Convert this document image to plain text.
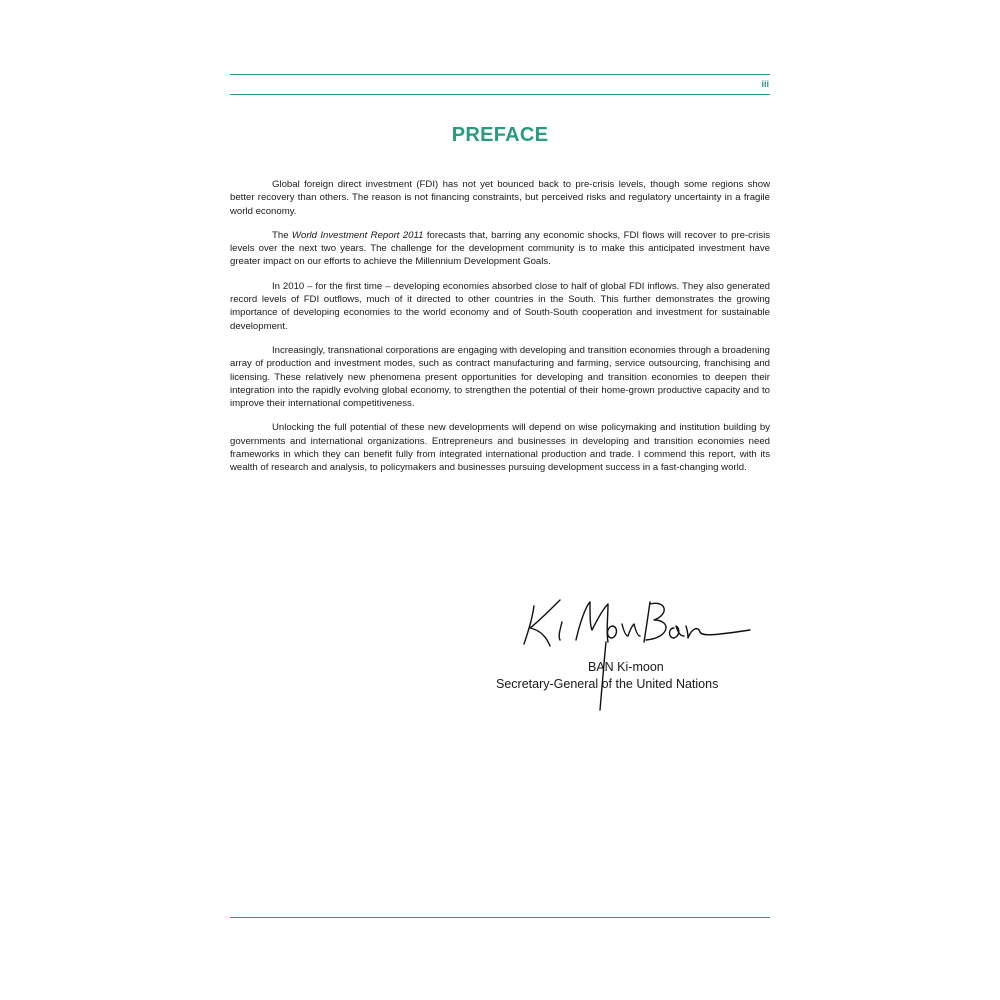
iii
PREFACE

Global foreign direct investment (FDI) has not yet bounced back to pre-crisis levels, though some regions show better recovery than others. The reason is not financing constraints, but perceived risks and regulatory uncertainty in a fragile world economy.

The World Investment Report 2011 forecasts that, barring any economic shocks, FDI flows will recover to pre-crisis levels over the next two years. The challenge for the development community is to make this anticipated investment have greater impact on our efforts to achieve the Millennium Development Goals.

In 2010 – for the first time – developing economies absorbed close to half of global FDI inflows. They also generated record levels of FDI outflows, much of it directed to other countries in the South. This further demonstrates the growing importance of developing economies to the world economy and of South-South cooperation and investment for sustainable development.

Increasingly, transnational corporations are engaging with developing and transition economies through a broadening array of production and investment modes, such as contract manufacturing and farming, service outsourcing, franchising and licensing. These relatively new phenomena present opportunities for developing and transition economies to deepen their integration into the rapidly evolving global economy, to strengthen the potential of their home-grown productive capacity and to improve their international competitiveness.

Unlocking the full potential of these new developments will depend on wise policymaking and institution building by governments and international organizations. Entrepreneurs and businesses in developing and transition economies need frameworks in which they can benefit fully from integrated international production and trade. I commend this report, with its wealth of research and analysis, to policymakers and businesses pursuing development success in a fast-changing world.

BAN Ki-moon
Secretary-General of the United Nations
